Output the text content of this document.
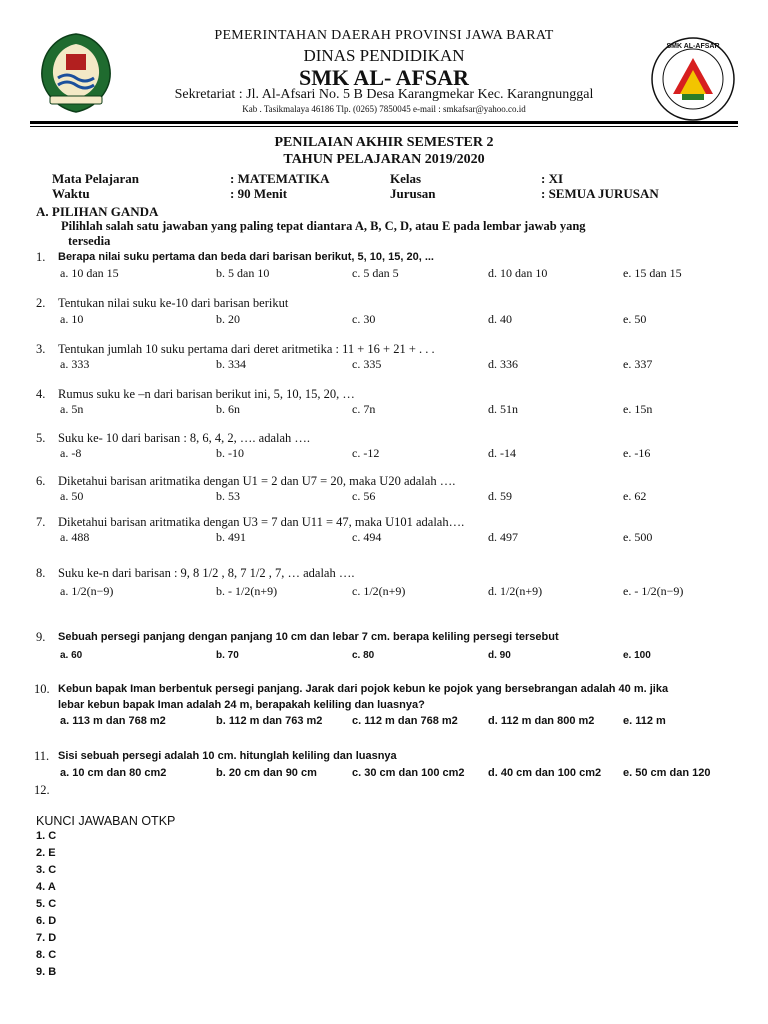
SMK AL-AFSAR
PEMERINTAHAN DAERAH PROVINSI JAWA BARAT
DINAS PENDIDIKAN
SMK AL- AFSAR
Sekretariat : Jl. Al-Afsari No. 5 B Desa Karangmekar Kec. Karangnunggal
Kab . Tasikmalaya 46186 Tlp. (0265) 7850045 e-mail : smkafsar@yahoo.co.id
PENILAIAN AKHIR SEMESTER 2
TAHUN PELAJARAN 2019/2020
Mata Pelajaran	: MATEMATIKA	Kelas	: XI
Waktu	: 90 Menit	Jurusan	: SEMUA JURUSAN
A. PILIHAN GANDA
Pilihlah salah satu jawaban yang paling tepat diantara A, B, C, D, atau E pada lembar jawab yang
tersedia
1. Berapa nilai suku pertama dan beda dari barisan berikut, 5, 10, 15, 20, ...
a. 10 dan 15	b. 5 dan 10	c. 5 dan 5	d. 10 dan 10	e. 15 dan 15
2. Tentukan nilai suku ke-10 dari barisan berikut
a. 10	b. 20	c. 30	d. 40	e. 50
3. Tentukan jumlah 10 suku pertama dari deret aritmetika : 11 + 16 + 21 + . . .
a. 333	b. 334	c. 335	d. 336	e. 337
4. Rumus suku ke –n dari barisan berikut ini, 5, 10, 15, 20, …
a. 5n	b. 6n	c. 7n	d. 51n	e. 15n
5. Suku ke- 10 dari barisan : 8, 6, 4, 2, …. adalah ….
a. -8	b. -10	c. -12	d. -14	e. -16
6. Diketahui barisan aritmatika dengan U1 = 2 dan U7 = 20, maka U20 adalah ….
a. 50	b. 53	c. 56	d. 59	e. 62
7. Diketahui barisan aritmatika dengan U3 = 7 dan U11 = 47, maka U101 adalah….
a. 488	b. 491	c. 494	d. 497	e. 500
8. Suku ke-n dari barisan : 9, 8 1/2 , 8, 7 1/2 , 7, … adalah ….
a. 1/2(n−9)	b. - 1/2(n+9)	c. 1/2(n+9)	d. 1/2(n+9)	e. - 1/2(n−9)
9. Sebuah persegi panjang dengan panjang 10 cm dan lebar 7 cm. berapa keliling persegi tersebut
a. 60	b. 70	c. 80	d. 90	e. 100
10. Kebun bapak Iman berbentuk persegi panjang. Jarak dari pojok kebun ke pojok yang bersebrangan adalah 40 m. jika
lebar kebun bapak Iman adalah 24 m, berapakah keliling dan luasnya?
a. 113 m dan 768 m2	b. 112 m dan 763 m2	c. 112 m dan 768 m2	d. 112 m dan 800 m2	e. 112 m
11. Sisi sebuah persegi adalah 10 cm. hitunglah keliling dan luasnya
a. 10 cm dan 80 cm2	b. 20 cm dan 90 cm	c. 30 cm dan 100 cm2 d. 40 cm dan 100 cm2 e. 50 cm dan 120
12.
KUNCI JAWABAN OTKP
1. C
2. E
3. C
4. A
5. C
6. D
7. D
8. C
9. B
